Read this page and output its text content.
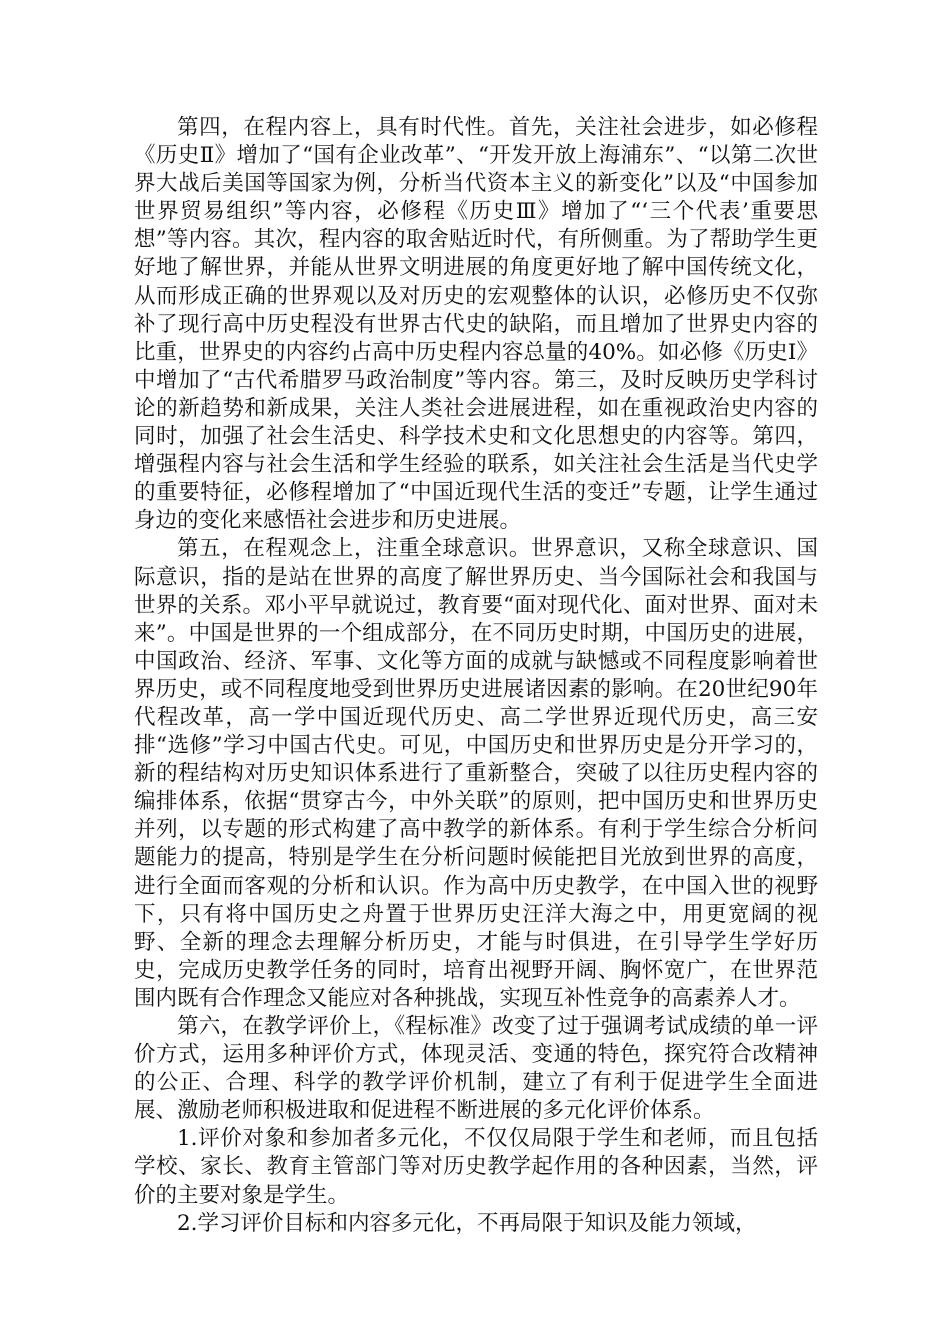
第四，在程内容上，具有时代性。首先，关注社会进步，如必修程《历史Ⅱ》增加了“国有企业改革”、“开发开放上海浦东”、“以第二次世界大战后美国等国家为例，分析当代资本主义的新变化”以及“中国参加世界贸易组织”等内容，必修程《历史Ⅲ》增加了“‘三个代表’重要思想”等内容。其次，程内容的取舍贴近时代，有所侧重。为了帮助学生更好地了解世界，并能从世界文明进展的角度更好地了解中国传统文化，从而形成正确的世界观以及对历史的宏观整体的认识，必修历史不仅弥补了现行高中历史程没有世界古代史的缺陷，而且增加了世界史内容的比重，世界史的内容约占高中历史程内容总量的40%。如必修《历史Ⅰ》中增加了“古代希腊罗马政治制度”等内容。第三，及时反映历史学科讨论的新趋势和新成果，关注人类社会进展进程，如在重视政治史内容的同时，加强了社会生活史、科学技术史和文化思想史的内容等。第四，增强程内容与社会生活和学生经验的联系，如关注社会生活是当代史学的重要特征，必修程增加了“中国近现代生活的变迁”专题，让学生通过身边的变化来感悟社会进步和历史进展。

第五，在程观念上，注重全球意识。世界意识，又称全球意识、国际意识，指的是站在世界的高度了解世界历史、当今国际社会和我国与世界的关系。邓小平早就说过，教育要“面对现代化、面对世界、面对未来”。中国是世界的一个组成部分，在不同历史时期，中国历史的进展，中国政治、经济、军事、文化等方面的成就与缺憾或不同程度影响着世界历史，或不同程度地受到世界历史进展诸因素的影响。在20世纪90年代程改革，高一学中国近现代历史、高二学世界近现代历史，高三安排“选修”学习中国古代史。可见，中国历史和世界历史是分开学习的，新的程结构对历史知识体系进行了重新整合，突破了以往历史程内容的编排体系，依据“贯穿古今，中外关联”的原则，把中国历史和世界历史并列，以专题的形式构建了高中教学的新体系。有利于学生综合分析问题能力的提高，特别是学生在分析问题时候能把目光放到世界的高度，进行全面而客观的分析和认识。作为高中历史教学，在中国入世的视野下，只有将中国历史之舟置于世界历史汪洋大海之中，用更宽阔的视野、全新的理念去理解分析历史，才能与时俱进，在引导学生学好历史，完成历史教学任务的同时，培育出视野开阔、胸怀宽广，在世界范围内既有合作理念又能应对各种挑战，实现互补性竞争的高素养人才。

第六，在教学评价上，《程标准》改变了过于强调考试成绩的单一评价方式，运用多种评价方式，体现灵活、变通的特色，探究符合改精神的公正、合理、科学的教学评价机制，建立了有利于促进学生全面进展、激励老师积极进取和促进程不断进展的多元化评价体系。

1.评价对象和参加者多元化，不仅仅局限于学生和老师，而且包括学校、家长、教育主管部门等对历史教学起作用的各种因素，当然，评价的主要对象是学生。

2.学习评价目标和内容多元化，不再局限于知识及能力领域，
